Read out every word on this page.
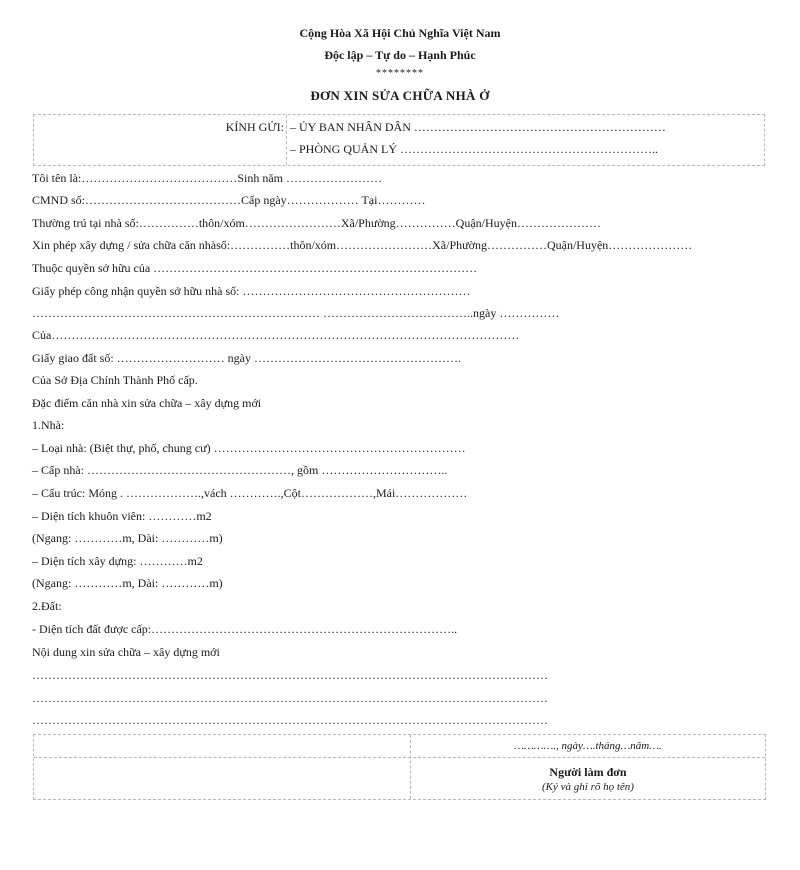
Cộng Hòa Xã Hội Chủ Nghĩa Việt Nam
Độc lập – Tự do – Hạnh Phúc
********
ĐƠN XIN SỬA CHỮA NHÀ Ở
KÍNH GỬI: – ỦY BAN NHÂN DÂN ………………………………………………………
– PHÒNG QUẢN LÝ ………………………………………………………..
Tôi tên là:…………………………………Sinh năm ……………………
CMND số:…………………………………Cấp ngày……………… Tại…………
Thường trú tại nhà số:……………thôn/xóm……………………Xã/Phường……………Quận/Huyện…………………
Xin phép xây dựng / sửa chữa căn nhàsố:……………thôn/xóm……………………Xã/Phường……………Quận/Huyện…………………
Thuộc quyền sở hữu của ………………………………………………………………………
Giấy phép công nhận quyền sở hữu nhà số: …………………………………………………
……………………………………………………………… ………………………………..ngày ……………
Của………………………………………………………………………………………………………
Giấy giao đất số: ……………………… ngày …………………………………………….
Của Sở Địa Chính Thành Phố cấp.
Đặc điểm căn nhà xin sửa chữa – xây dựng mới
1.Nhà:
– Loại nhà: (Biệt thự, phố, chung cư) ………………………………………………………
– Cấp nhà: ……………………………………………, gồm …………………………..
– Cấu trúc: Móng . ……………….,vách ………….,Cột………………,Mái………………
– Diện tích khuôn viên: …………m2
(Ngang: …………m, Dài: …………m)
– Diện tích xây dựng: …………m2
(Ngang: …………m, Dài: …………m)
2.Đất:
- Diện tích đất được cấp:…………………………………………………………………..
Nội dung xin sửa chữa – xây dựng mới
…………………………………………………………………………………………………………………
…………………………………………………………………………………………………………………
…………………………………………………………………………………………………………………
…………., ngày….tháng…năm….
Người làm đơn
(Ký và ghi rõ họ tên)
